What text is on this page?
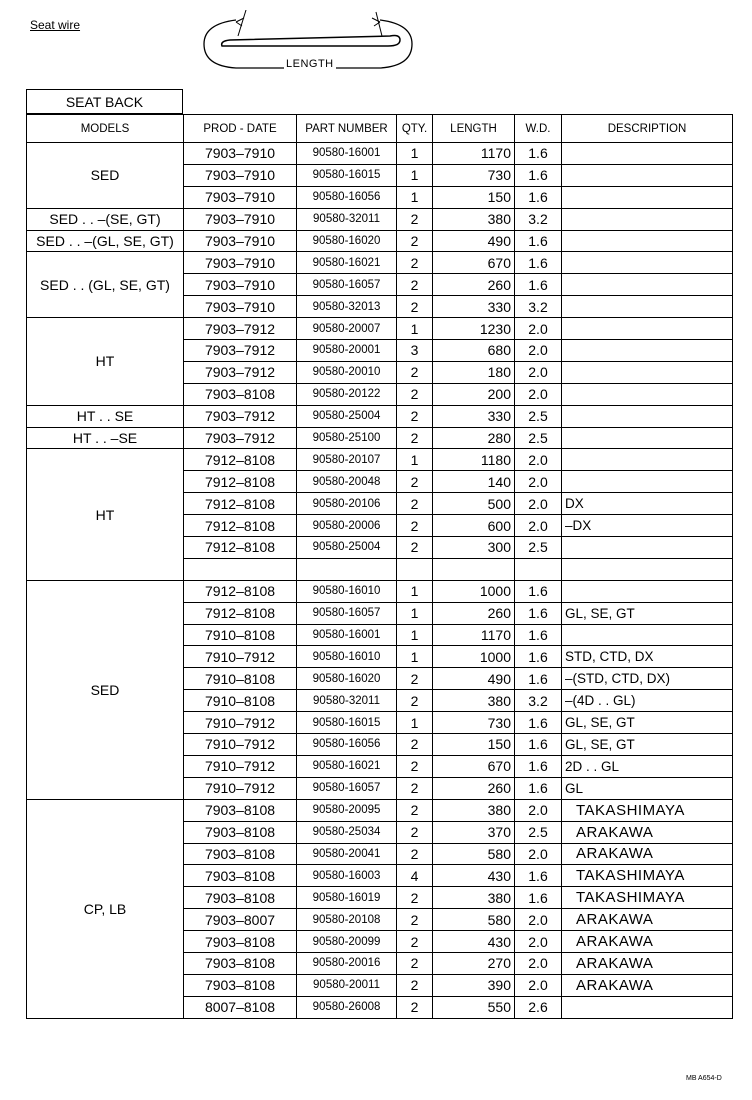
Seat wire
LENGTH
SEAT BACK
MODELS	PROD - DATE	PART NUMBER	QTY.	LENGTH	W.D.	DESCRIPTION
SED	7903–7910	90580-16001	1	1170	1.6	
	7903–7910	90580-16015	1	730	1.6	
	7903–7910	90580-16056	1	150	1.6	
SED . . –(SE, GT)	7903–7910	90580-32011	2	380	3.2	
SED . . –(GL, SE, GT)	7903–7910	90580-16020	2	490	1.6	
SED . . (GL, SE, GT)	7903–7910	90580-16021	2	670	1.6	
	7903–7910	90580-16057	2	260	1.6	
	7903–7910	90580-32013	2	330	3.2	
HT	7903–7912	90580-20007	1	1230	2.0	
	7903–7912	90580-20001	3	680	2.0	
	7903–7912	90580-20010	2	180	2.0	
	7903–8108	90580-20122	2	200	2.0	
HT . . SE	7903–7912	90580-25004	2	330	2.5	
HT . . –SE	7903–7912	90580-25100	2	280	2.5	
HT	7912–8108	90580-20107	1	1180	2.0	
	7912–8108	90580-20048	2	140	2.0	
	7912–8108	90580-20106	2	500	2.0	DX
	7912–8108	90580-20006	2	600	2.0	–DX
	7912–8108	90580-25004	2	300	2.5	

SED	7912–8108	90580-16010	1	1000	1.6	
	7912–8108	90580-16057	1	260	1.6	GL, SE, GT
	7910–8108	90580-16001	1	1170	1.6	
	7910–7912	90580-16010	1	1000	1.6	STD, CTD, DX
	7910–8108	90580-16020	2	490	1.6	–(STD, CTD, DX)
	7910–8108	90580-32011	2	380	3.2	–(4D . . GL)
	7910–7912	90580-16015	1	730	1.6	GL, SE, GT
	7910–7912	90580-16056	2	150	1.6	GL, SE, GT
	7910–7912	90580-16021	2	670	1.6	2D . . GL
	7910–7912	90580-16057	2	260	1.6	GL
CP, LB	7903–8108	90580-20095	2	380	2.0	TAKASHIMAYA
	7903–8108	90580-25034	2	370	2.5	ARAKAWA
	7903–8108	90580-20041	2	580	2.0	ARAKAWA
	7903–8108	90580-16003	4	430	1.6	TAKASHIMAYA
	7903–8108	90580-16019	2	380	1.6	TAKASHIMAYA
	7903–8007	90580-20108	2	580	2.0	ARAKAWA
	7903–8108	90580-20099	2	430	2.0	ARAKAWA
	7903–8108	90580-20016	2	270	2.0	ARAKAWA
	7903–8108	90580-20011	2	390	2.0	ARAKAWA
	8007–8108	90580-26008	2	550	2.6	
MB A654-D
